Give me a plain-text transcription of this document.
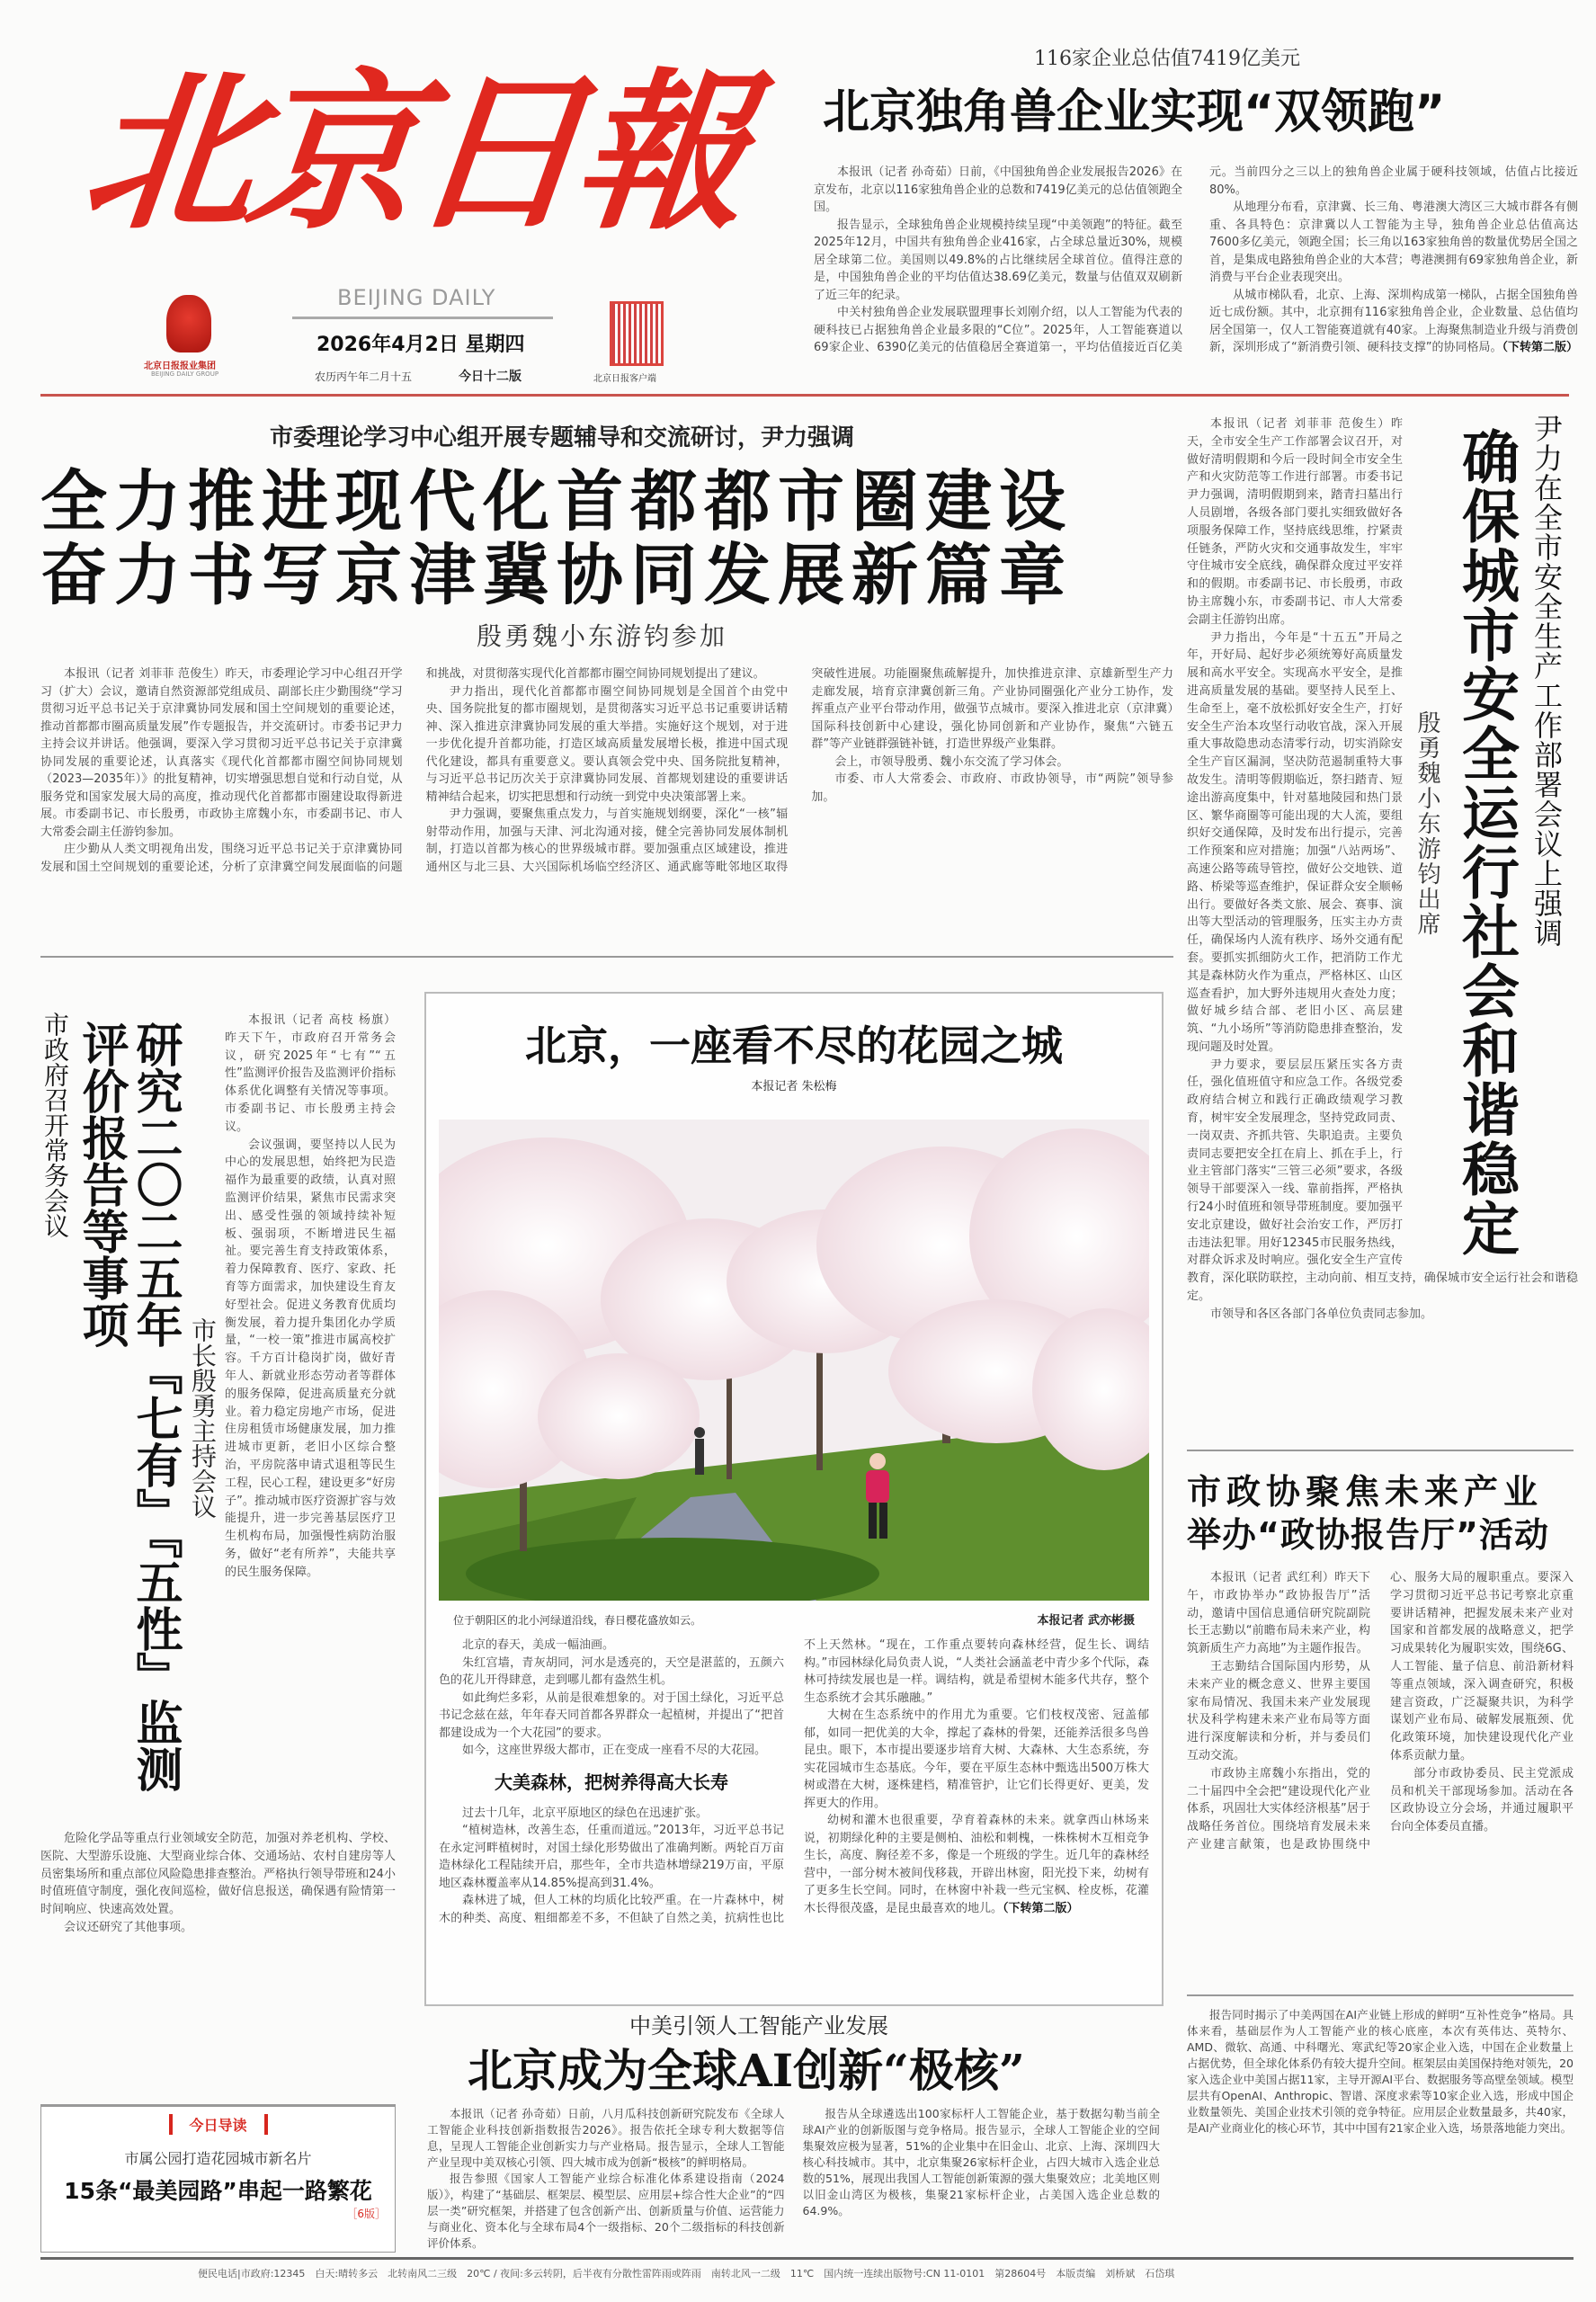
北京日報
北京日报报业集团
BEIJING DAILY GROUP
BEIJING DAILY
2026年4月2日 星期四
农历丙午年二月十五	今日十二版	北京日报客户端
116家企业总估值7419亿美元
北京独角兽企业实现“双领跑”

本报讯（记者 孙奇茹）日前，《中国独角兽企业发展报告2026》在京发布，北京以116家独角兽企业的总数和7419亿美元的总估值领跑全国。

报告显示，全球独角兽企业规模持续呈现“中美领跑”的特征。截至2025年12月，中国共有独角兽企业416家，占全球总量近30%，规模居全球第二位。美国则以49.8%的占比继续居全球首位。值得注意的是，中国独角兽企业的平均估值达38.69亿美元，数量与估值双双刷新了近三年的纪录。

中关村独角兽企业发展联盟理事长刘刚介绍，以人工智能为代表的硬科技已占据独角兽企业最多限的“C位”。2025年，人工智能赛道以69家企业、6390亿美元的估值稳居全赛道第一，平均估值接近百亿美元。当前四分之三以上的独角兽企业属于硬科技领域，估值占比接近80%。

从地理分布看，京津冀、长三角、粤港澳大湾区三大城市群各有侧重、各具特色：京津冀以人工智能为主导，独角兽企业总估值高达7600多亿美元，领跑全国；长三角以163家独角兽的数量优势居全国之首，是集成电路独角兽企业的大本营；粤港澳拥有69家独角兽企业，新消费与平台企业表现突出。

从城市梯队看，北京、上海、深圳构成第一梯队，占据全国独角兽近七成份额。其中，北京拥有116家独角兽企业，企业数量、总估值均居全国第一，仅人工智能赛道就有40家。上海聚焦制造业升级与消费创新，深圳形成了“新消费引领、硬科技支撑”的协同格局。（下转第二版）

市委理论学习中心组开展专题辅导和交流研讨，尹力强调
全力推进现代化首都都市圈建设
奋力书写京津冀协同发展新篇章
殷勇魏小东游钧参加

本报讯（记者 刘菲菲 范俊生）昨天，市委理论学习中心组召开学习（扩大）会议，邀请自然资源部党组成员、副部长庄少勤围绕“学习贯彻习近平总书记关于京津冀协同发展和国土空间规划的重要论述，推动首都都市圈高质量发展”作专题报告，并交流研讨。市委书记尹力主持会议并讲话。他强调，要深入学习贯彻习近平总书记关于京津冀协同发展的重要论述，认真落实《现代化首都都市圈空间协同规划（2023—2035年）》的批复精神，切实增强思想自觉和行动自觉，从服务党和国家发展大局的高度，推动现代化首都都市圈建设取得新进展。市委副书记、市长殷勇，市政协主席魏小东，市委副书记、市人大常委会副主任游钧参加。

庄少勤从人类文明视角出发，围绕习近平总书记关于京津冀协同发展和国土空间规划的重要论述，分析了京津冀空间发展面临的问题和挑战，对贯彻落实现代化首都都市圈空间协同规划提出了建议。

尹力指出，现代化首都都市圈空间协同规划是全国首个由党中央、国务院批复的都市圈规划，是贯彻落实习近平总书记重要讲话精神、深入推进京津冀协同发展的重大举措。实施好这个规划，对于进一步优化提升首都功能，打造区域高质量发展增长极，推进中国式现代化建设，都具有重要意义。要认真领会党中央、国务院批复精神，与习近平总书记历次关于京津冀协同发展、首都规划建设的重要讲话精神结合起来，切实把思想和行动统一到党中央决策部署上来。

尹力强调，要聚焦重点发力，与首实施规划纲要，深化“一核”辐射带动作用，加强与天津、河北沟通对接，健全完善协同发展体制机制，打造以首都为核心的世界级城市群。要加强重点区域建设，推进通州区与北三县、大兴国际机场临空经济区、通武廊等毗邻地区取得突破性进展。功能圈聚焦疏解提升，加快推进京津、京雄新型生产力走廊发展，培育京津冀创新三角。产业协同圈强化产业分工协作，发挥重点产业平台带动作用，做强节点城市。要深入推进北京（京津冀）国际科技创新中心建设，强化协同创新和产业协作，聚焦“六链五群”等产业链群强链补链，打造世界级产业集群。

会上，市领导殷勇、魏小东交流了学习体会。

市委、市人大常委会、市政府、市政协领导，市“两院”领导参加。	尹力在全市安全生产工作部署会议上强调
确保城市安全运行社会和谐稳定
殷勇魏小东游钧出席

本报讯（记者 刘菲菲 范俊生）昨天，全市安全生产工作部署会议召开，对做好清明假期和今后一段时间全市安全生产和火灾防范等工作进行部署。市委书记尹力强调，清明假期到来，踏青扫墓出行人员剧增，各级各部门要扎实细致做好各项服务保障工作，坚持底线思维，拧紧责任链条，严防火灾和交通事故发生，牢牢守住城市安全底线，确保群众度过平安祥和的假期。市委副书记、市长殷勇，市政协主席魏小东，市委副书记、市人大常委会副主任游钧出席。

尹力指出，今年是“十五五”开局之年，开好局、起好步必须统筹好高质量发展和高水平安全。实现高水平安全，是推进高质量发展的基础。要坚持人民至上、生命至上，毫不放松抓好安全生产，打好安全生产治本攻坚行动收官战，深入开展重大事故隐患动态清零行动，切实消除安全生产盲区漏洞，坚决防范遏制重特大事故发生。清明等假期临近，祭扫踏青、短途出游高度集中，针对墓地陵园和热门景区、繁华商圈等可能出现的大人流，要组织好交通保障，及时发布出行提示，完善工作预案和应对措施；加强“八站两场”、高速公路等疏导管控，做好公交地铁、道路、桥梁等巡查维护，保证群众安全顺畅出行。要做好各类文旅、展会、赛事、演出等大型活动的管理服务，压实主办方责任，确保场内人流有秩序、场外交通有配套。要抓实抓细防火工作，把消防工作尤其是森林防火作为重点，严格林区、山区巡查看护，加大野外违规用火查处力度；做好城乡结合部、老旧小区、高层建筑、“九小场所”等消防隐患排查整治，发现问题及时处置。

尹力要求，要层层压紧压实各方责任，强化值班值守和应急工作。各级党委政府结合树立和践行正确政绩观学习教育，树牢安全发展理念，坚持党政同责、一岗双责、齐抓共管、失职追责。主要负责同志要把安全扛在肩上、抓在手上，行业主管部门落实“三管三必须”要求，各级领导干部要深入一线、靠前指挥，严格执行24小时值班和领导带班制度。要加强平安北京建设，做好社会治安工作，严厉打击违法犯罪。用好12345市民服务热线，对群众诉求及时响应。强化安全生产宣传教育，深化联防联控，主动向前、相互支持，确保城市安全运行社会和谐稳定。

市领导和各区各部门各单位负责同志参加。

市政府召开常务会议	研究二〇二五年『七有』『五性』监测评价报告等事项
市长殷勇主持会议

本报讯（记者 高枝 杨旗）昨天下午，市政府召开常务会议，研究2025年“七有”“五性”监测评价报告及监测评价指标体系优化调整有关情况等事项。市委副书记、市长殷勇主持会议。

会议强调，要坚持以人民为中心的发展思想，始终把为民造福作为最重要的政绩，认真对照监测评价结果，紧焦市民需求突出、感受性强的领域持续补短板、强弱项，不断增进民生福祉。要完善生育支持政策体系，着力保障教育、医疗、家政、托育等方面需求，加快建设生育友好型社会。促进义务教育优质均衡发展，着力提升集团化办学质量，“一校一策”推进市属高校扩容。千方百计稳岗扩岗，做好青年人、新就业形态劳动者等群体的服务保障，促进高质量充分就业。着力稳定房地产市场，促进住房租赁市场健康发展，加力推进城市更新，老旧小区综合整治，平房院落申请式退租等民生工程，民心工程，建设更多“好房子”。推动城市医疗资源扩容与效能提升，进一步完善基层医疗卫生机构布局，加强慢性病防治服务，做好“老有所养”，夫能共享的民生服务保障。

危险化学品等重点行业领域安全防范，加强对养老机构、学校、医院、大型游乐设施、大型商业综合体、交通场站、农村自建房等人员密集场所和重点部位风险隐患排查整治。严格执行领导带班和24小时值班值守制度，强化夜间巡检，做好信息报送，确保遇有险情第一时间响应、快速高效处置。

会议还研究了其他事项。

今日导读
市属公园打造花园城市新名片
15条“最美园路”串起一路繁花
［6版］
北京，一座看不尽的花园之城
本报记者 朱松梅
位于朝阳区的北小河绿道沿线，春日樱花盛放如云。	本报记者 武亦彬摄

北京的春天，美成一幅油画。

朱红宫墙，青灰胡同，河水是透亮的，天空是湛蓝的，五颜六色的花儿开得肆意，走到哪儿都有盎然生机。

如此绚烂多彩，从前是很难想象的。对于国土绿化，习近平总书记念兹在兹，年年春天同首都各界群众一起植树，并提出了“把首都建设成为一个大花园”的要求。

如今，这座世界级大都市，正在变成一座看不尽的大花园。

大美森林，把树养得高大长寿

过去十几年，北京平原地区的绿色在迅速扩张。

“植树造林，改善生态，任重而道远。”2013年，习近平总书记在永定河畔植树时，对国土绿化形势做出了准确判断。两轮百万亩造林绿化工程陆续开启，那些年，全市共造林增绿219万亩，平原地区森林覆盖率从14.85%提高到31.4%。

森林进了城，但人工林的均质化比较严重。在一片森林中，树木的种类、高度、粗细都差不多，不但缺了自然之美，抗病性也比不上天然林。“现在，工作重点要转向森林经营，促生长、调结构。”市园林绿化局负责人说，“人类社会涵盖老中青少多个代际，森林可持续发展也是一样。调结构，就是希望树木能多代共存，整个生态系统才会其乐融融。”

大树在生态系统中的作用尤为重要。它们枝杈茂密、冠盖郁郁，如同一把优美的大伞，撑起了森林的骨架，还能养活很多鸟兽昆虫。眼下，本市提出要逐步培育大树、大森林、大生态系统，夯实花园城市生态基底。今年，要在平原生态林中甄选出500万株大树或潜在大树，逐株建档，精准管护，让它们长得更好、更美，发挥更大的作用。

幼树和灌木也很重要，孕育着森林的未来。就拿西山林场来说，初期绿化种的主要是侧柏、油松和刺槐，一株株树木互相竞争生长，高度、胸径差不多，像是一个班级的学生。近几年的森林经营中，一部分树木被间伐移栽，开辟出林窗，阳光投下来，幼树有了更多生长空间。同时，在林窗中补栽一些元宝枫、栓皮栎，花灌木长得很茂盛，是昆虫最喜欢的地儿。（下转第二版）

市政协聚焦未来产业
举办“政协报告厅”活动

本报讯（记者 武红利）昨天下午，市政协举办“政协报告厅”活动，邀请中国信息通信研究院副院长王志勤以“前瞻布局未来产业，构筑新质生产力高地”为主题作报告。

王志勤结合国际国内形势，从未来产业的概念意义、世界主要国家布局情况、我国未来产业发展现状及科学构建未来产业布局等方面进行深度解读和分析，并与委员们互动交流。

市政协主席魏小东指出，党的二十届四中全会把“建设现代化产业体系，巩固壮大实体经济根基”居于战略任务首位。围绕培育发展未来产业建言献策，也是政协围绕中心、服务大局的履职重点。要深入学习贯彻习近平总书记考察北京重要讲话精神，把握发展未来产业对国家和首都发展的战略意义，把学习成果转化为履职实效，围绕6G、人工智能、量子信息、前沿新材料等重点领域，深入调查研究，积极建言资政，广泛凝聚共识，为科学谋划产业布局、破解发展瓶颈、优化政策环境，加快建设现代化产业体系贡献力量。

部分市政协委员、民主党派成员和机关干部现场参加。活动在各区政协设立分会场，并通过履职平台向全体委员直播。

中美引领人工智能产业发展
北京成为全球AI创新“极核”

本报讯（记者 孙奇茹）日前，八月瓜科技创新研究院发布《全球人工智能企业科技创新指数报告2026》。报告依托全球专利大数据等信息，呈现人工智能企业创新实力与产业格局。报告显示，全球人工智能产业呈现中美双核心引领、四大城市成为创新“极核”的鲜明格局。

报告参照《国家人工智能产业综合标准化体系建设指南（2024版）》，构建了“基础层、框架层、模型层、应用层+综合性大企业”的“四层一类”研究框架，并搭建了包含创新产出、创新质量与价值、运营能力与商业化、资本化与全球布局4个一级指标、20个二级指标的科技创新评价体系。

报告从全球遴选出100家标杆人工智能企业，基于数据勾勒当前全球AI产业的创新版图与竞争格局。报告显示，全球人工智能企业的空间集聚效应极为显著，51%的企业集中在旧金山、北京、上海、深圳四大核心科技城市。其中，北京集聚26家标杆企业，占四大城市入选企业总数的51%，展现出我国人工智能创新策源的强大集聚效应；北美地区则以旧金山湾区为极核，集聚21家标杆企业，占美国入选企业总数的64.9%。

报告同时揭示了中美两国在AI产业链上形成的鲜明“互补性竞争”格局。具体来看，基础层作为人工智能产业的核心底座，本次有英伟达、英特尔、AMD、微软、高通、中科曙光、寒武纪等20家企业入选，中国在企业数量上占据优势，但全球化体系仍有较大提升空间。框架层由美国保持绝对领先，20家入选企业中美国占据11家，主导开源AI平台、数据服务等高壁垒领域。模型层共有OpenAI、Anthropic、智谱、深度求索等10家企业入选，形成中国企业数量领先、美国企业技术引领的竞争特征。应用层企业数量最多，共40家，是AI产业商业化的核心环节，其中中国有21家企业入选，场景落地能力突出。

便民电话|市政府:12345　白天:晴转多云　北转南风二三级　20℃ / 夜间:多云转阴，后半夜有分散性雷阵雨或阵雨　南转北风一二级　11℃　国内统一连续出版物号:CN 11-0101　第28604号　本版责编　刘桥斌　石岱琪
